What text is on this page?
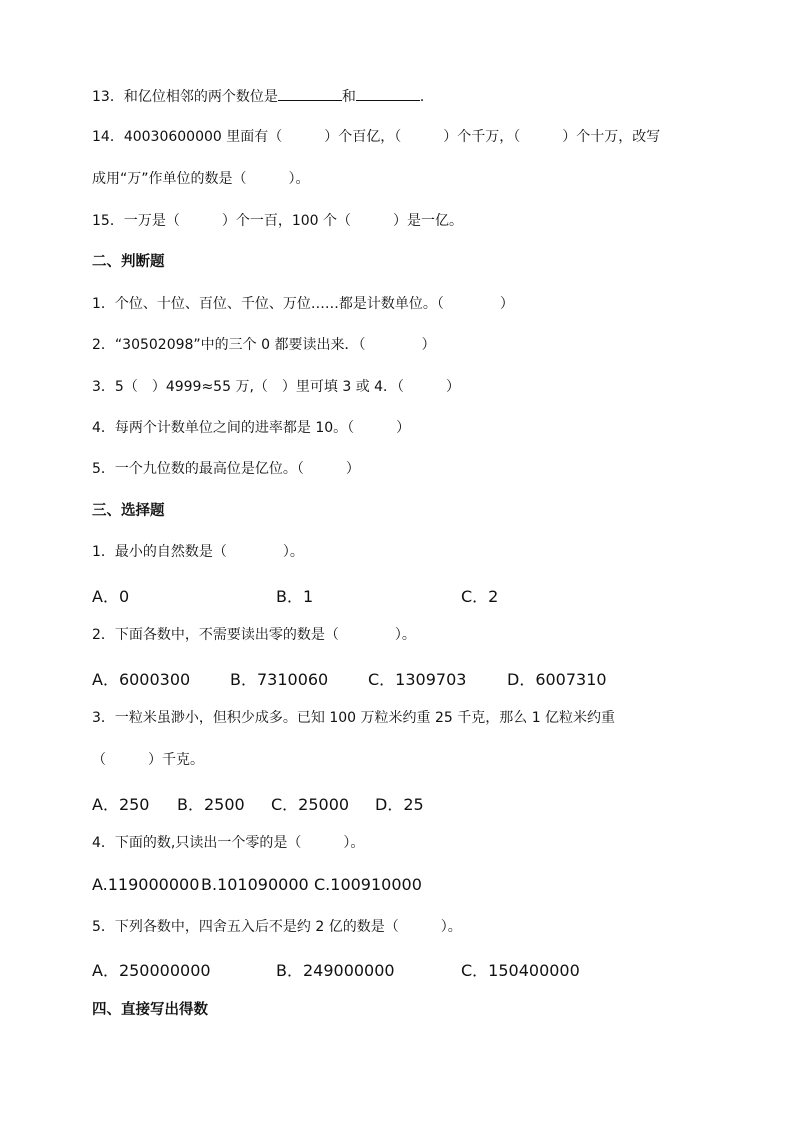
13．和亿位相邻的两个数位是	和	．
14．40030600000 里面有（　　　）个百亿，（　　　）个千万，（　　　）个十万，改写
成用“万”作单位的数是（　　　）。
15．一万是（　　　）个一百，100 个（　　　）是一亿。
二、判断题
1．个位、十位、百位、千位、万位……都是计数单位。（　　　　）
2．“30502098”中的三个 0 都要读出来．（　　　　）
3．5（　）4999≈55 万,（　）里可填 3 或 4．（　　　）
4．每两个计数单位之间的进率都是 10。（　　　）
5．一个九位数的最高位是亿位。（　　　）
三、选择题
1．最小的自然数是（　　　　）。
A．0	B．1	C．2
2．下面各数中，不需要读出零的数是（　　　　）。
A．6000300 B．7310060 C．1309703	D．6007310
3．一粒米虽渺小，但积少成多。已知 100 万粒米约重 25 千克，那么 1 亿粒米约重
（　　　）千克。
A．250 B．2500 C．25000 D．25
4．下面的数,只读出一个零的是（　　　）。
A.119000000 B.101090000 C.100910000
5．下列各数中，四舍五入后不是约 2 亿的数是（　　　）。
A．250000000	B．249000000	C．150400000
四、直接写出得数
